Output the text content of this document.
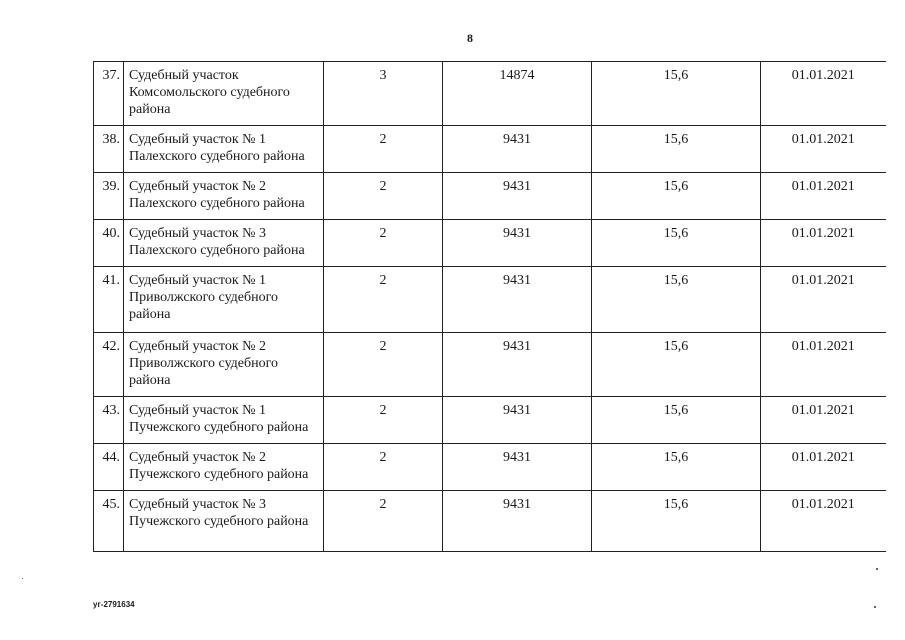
8
37.	Судебный участок Комсомольского судебного района	3	14874	15,6	01.01.2021
38.	Судебный участок № 1 Палехского судебного района	2	9431	15,6	01.01.2021
39.	Судебный участок № 2 Палехского судебного района	2	9431	15,6	01.01.2021
40.	Судебный участок № 3 Палехского судебного района	2	9431	15,6	01.01.2021
41.	Судебный участок № 1 Приволжского судебного района	2	9431	15,6	01.01.2021
42.	Судебный участок № 2 Приволжского судебного района	2	9431	15,6	01.01.2021
43.	Судебный участок № 1 Пучежского судебного района	2	9431	15,6	01.01.2021
44.	Судебный участок № 2 Пучежского судебного района	2	9431	15,6	01.01.2021
45.	Судебный участок № 3 Пучежского судебного района	2	9431	15,6	01.01.2021
уг-2791634
